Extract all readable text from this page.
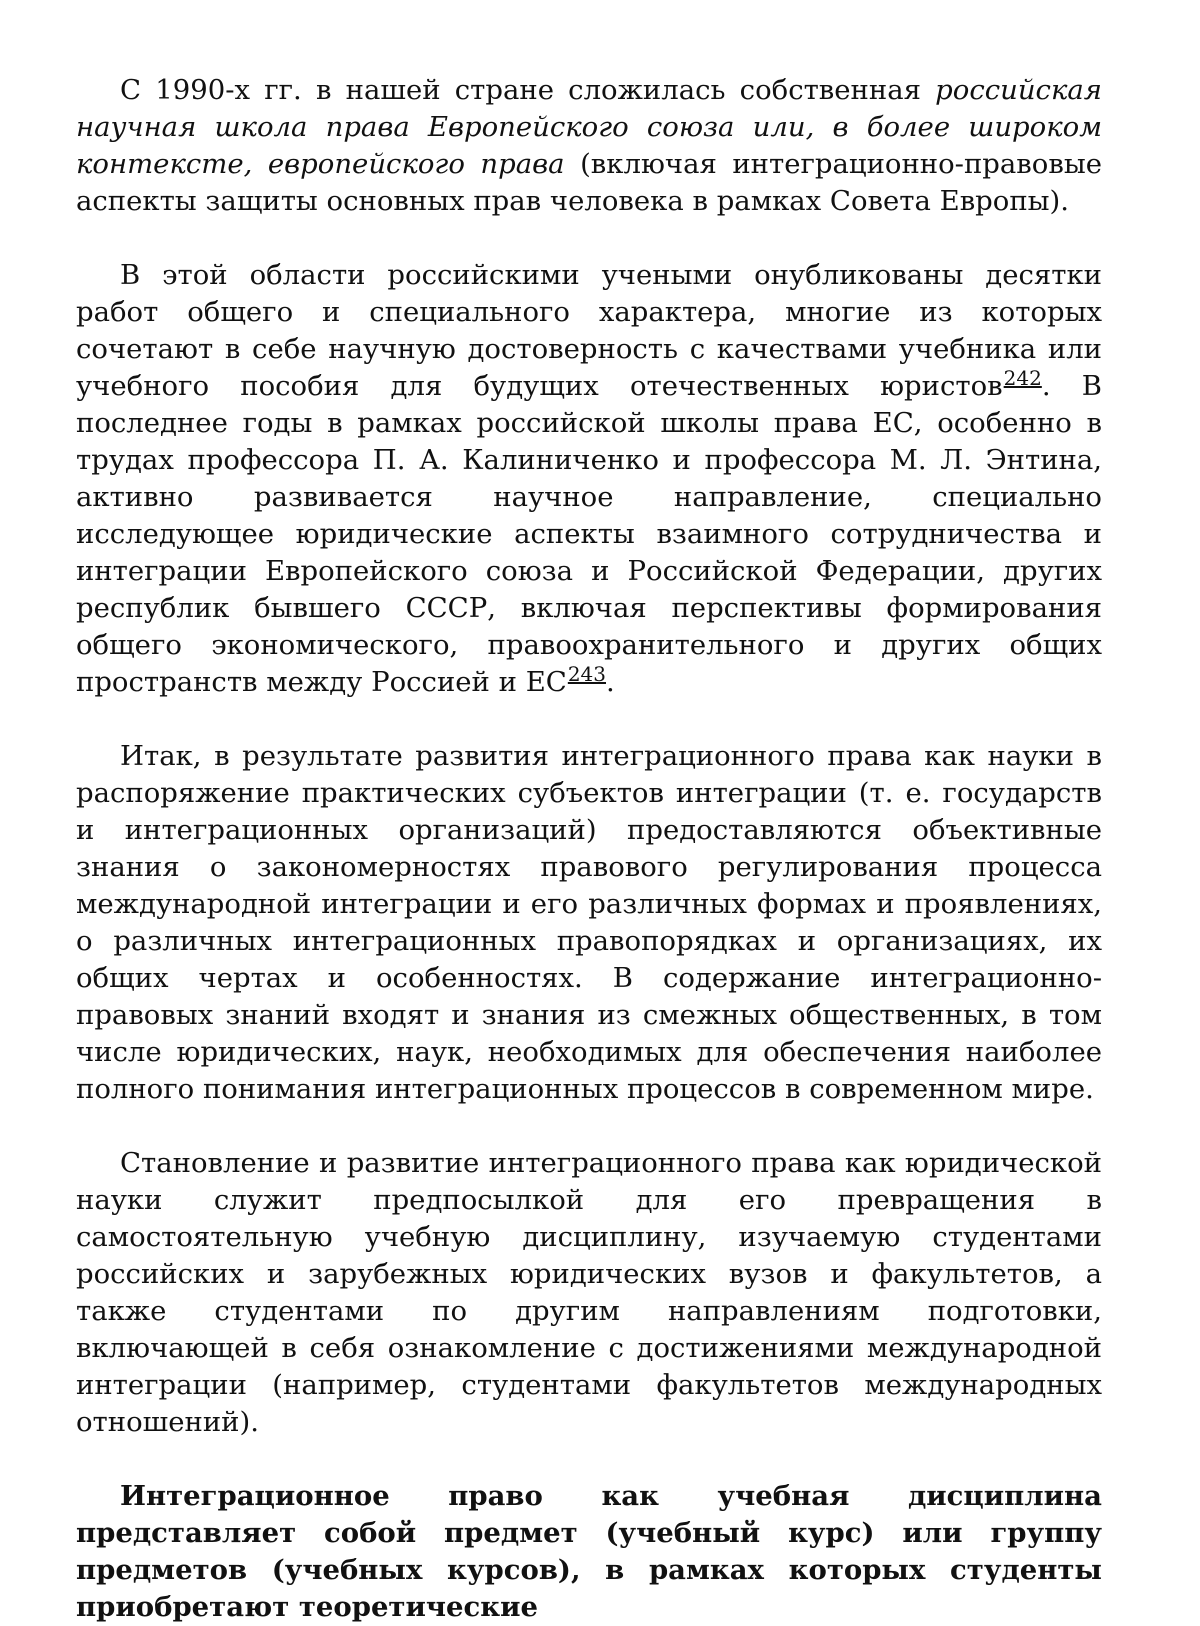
С 1990-х гг. в нашей стране сложилась собственная российская научная школа права Европейского союза или, в более широком контексте, европейского права (включая интеграционно-правовые аспекты защиты основных прав человека в рамках Совета Европы).

В этой области российскими учеными онубликованы десятки работ общего и специального характера, многие из которых сочетают в себе научную достоверность с качествами учебника или учебного пособия для будущих отечественных юристов$^{242}$. В последнее годы в рамках российской школы права ЕС, особенно в трудах профессора П. А. Калиниченко и профессора М. Л. Энтина, активно развивается научное направление, специально исследующее юридические аспекты взаимного сотрудничества и интеграции Европейского союза и Российской Федерации, других республик бывшего СССР, включая перспективы формирования общего экономического, правоохранительного и других общих пространств между Россией и ЕС$^{243}$.

Итак, в результате развития интеграционного права как науки в распоряжение практических субъектов интеграции (т. е. государств и интеграционных организаций) предоставляются объективные знания о закономерностях правового регулирования процесса международной интеграции и его различных формах и проявлениях, о различных интеграционных правопорядках и организациях, их общих чертах и особенностях. В содержание интеграционно-правовых знаний входят и знания из смежных общественных, в том числе юридических, наук, необходимых для обеспечения наиболее полного понимания интеграционных процессов в современном мире.

Становление и развитие интеграционного права как юридической науки служит предпосылкой для его превращения в самостоятельную учебную дисциплину, изучаемую студентами российских и зарубежных юридических вузов и факультетов, а также студентами по другим направлениям подготовки, включающей в себя ознакомление с достижениями международной интеграции (например, студентами факультетов международных отношений).

Интеграционное право как учебная дисциплина представляет собой предмет (учебный курс) или группу предметов (учебных курсов), в рамках которых студенты приобретают теоретические
